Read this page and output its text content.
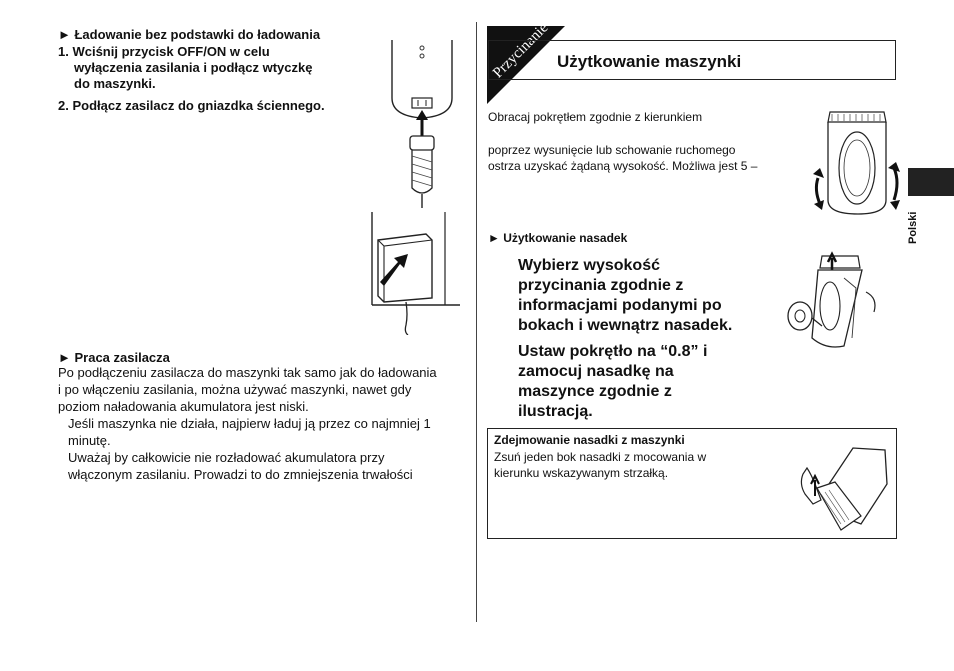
► Ładowanie bez podstawki do ładowania
1. Wciśnij przycisk OFF/ON w celu
wyłączenia zasilania i podłącz wtyczkę
do maszynki.
2. Podłącz zasilacz do gniazdka ściennego.
► Praca zasilacza
Po podłączeniu zasilacza do maszynki tak samo jak do ładowania
i po włączeniu zasilania, można używać maszynki, nawet gdy
poziom naładowania akumulatora jest niski.
Jeśli maszynka nie działa, najpierw ładuj ją przez co najmniej 1
minutę.
Uważaj by całkowicie nie rozładować akumulatora przy
włączonym zasilaniu. Prowadzi to do zmniejszenia trwałości
Przycinanie Użytkowanie maszynki
Obracaj pokrętłem zgodnie z kierunkiem
poprzez wysunięcie lub schowanie ruchomego
ostrza uzyskać żądaną wysokość. Możliwa jest 5 –
► Użytkowanie nasadek
Wybierz wysokość
przycinania zgodnie z
informacjami podanymi po
bokach i wewnątrz nasadek.
Ustaw pokrętło na “0.8” i
zamocuj nasadkę na
maszynce zgodnie z
ilustracją.
Zdejmowanie nasadki z maszynki
Zsuń jeden bok nasadki z mocowania w
kierunku wskazywanym strzałką.
Polski
